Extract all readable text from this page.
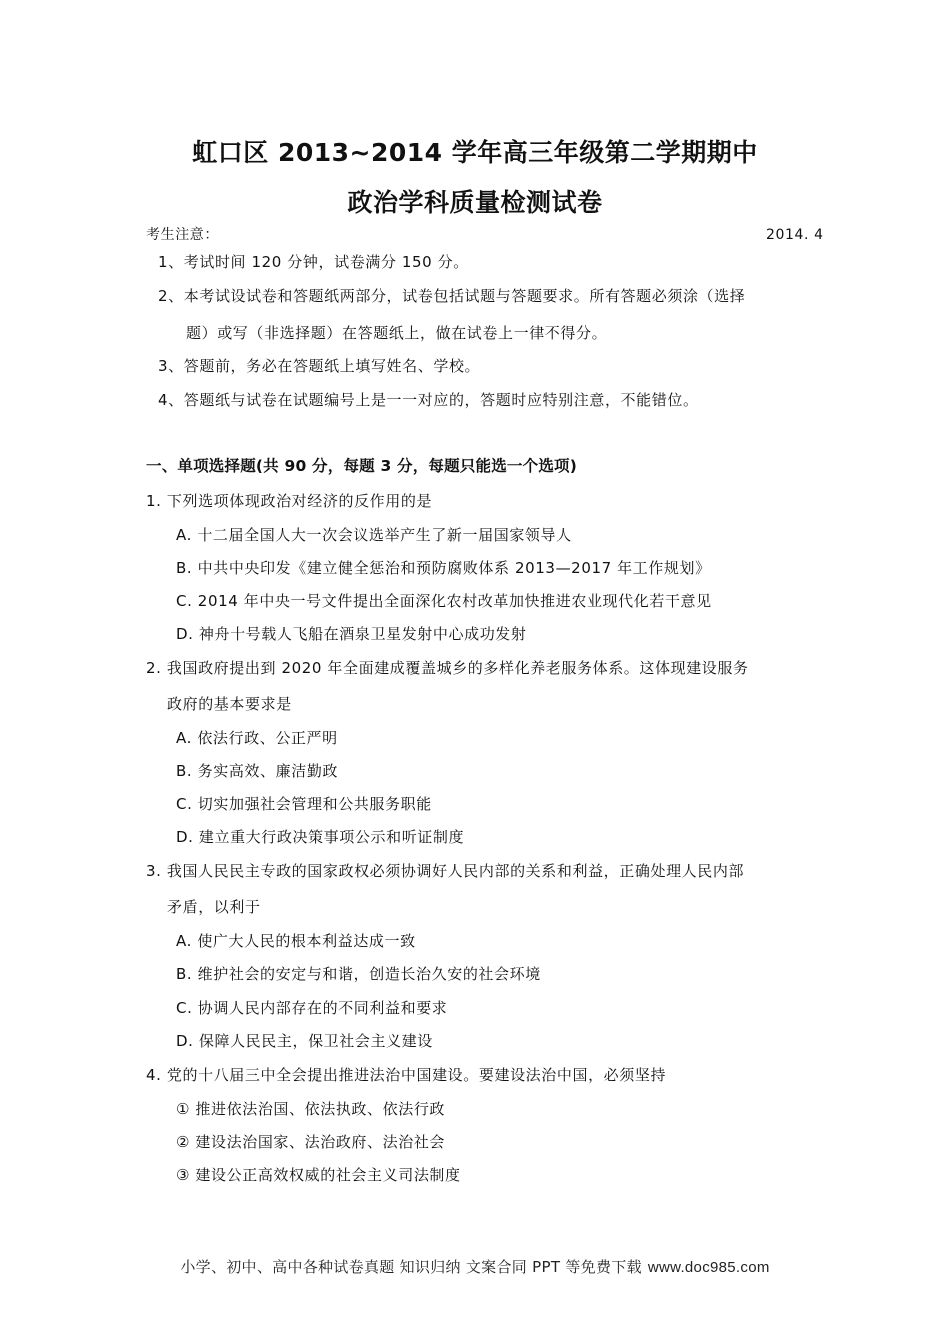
虹口区 2013~2014 学年高三年级第二学期期中
政治学科质量检测试卷
考生注意：	2014. 4
1、考试时间 120 分钟，试卷满分 150 分。
2、本考试设试卷和答题纸两部分，试卷包括试题与答题要求。所有答题必须涂（选择
题）或写（非选择题）在答题纸上，做在试卷上一律不得分。
3、答题前，务必在答题纸上填写姓名、学校。
4、答题纸与试卷在试题编号上是一一对应的，答题时应特别注意，不能错位。
一、单项选择题(共 90 分，每题 3 分，每题只能选一个选项)
1. 下列选项体现政治对经济的反作用的是
A. 十二届全国人大一次会议选举产生了新一届国家领导人
B. 中共中央印发《建立健全惩治和预防腐败体系 2013—2017 年工作规划》
C. 2014 年中央一号文件提出全面深化农村改革加快推进农业现代化若干意见
D. 神舟十号载人飞船在酒泉卫星发射中心成功发射
2. 我国政府提出到 2020 年全面建成覆盖城乡的多样化养老服务体系。这体现建设服务
政府的基本要求是
A. 依法行政、公正严明
B. 务实高效、廉洁勤政
C. 切实加强社会管理和公共服务职能
D. 建立重大行政决策事项公示和听证制度
3. 我国人民民主专政的国家政权必须协调好人民内部的关系和利益，正确处理人民内部
矛盾，以利于
A. 使广大人民的根本利益达成一致
B. 维护社会的安定与和谐，创造长治久安的社会环境
C. 协调人民内部存在的不同利益和要求
D. 保障人民民主，保卫社会主义建设
4. 党的十八届三中全会提出推进法治中国建设。要建设法治中国，必须坚持
① 推进依法治国、依法执政、依法行政
② 建设法治国家、法治政府、法治社会
③ 建设公正高效权威的社会主义司法制度
小学、初中、高中各种试卷真题 知识归纳 文案合同 PPT 等免费下载 www.doc985.com
